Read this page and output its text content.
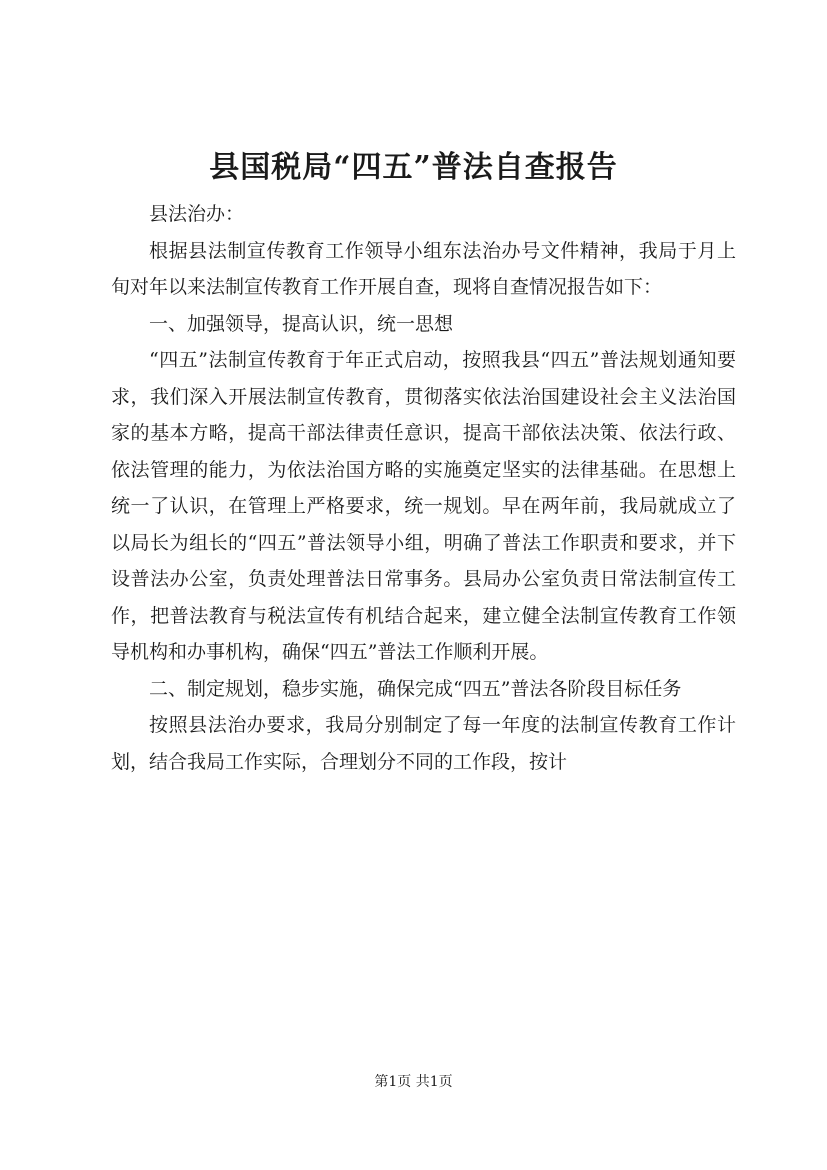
县国税局“四五”普法自查报告

县法治办：

根据县法制宣传教育工作领导小组东法治办号文件精神，我局于月上旬对年以来法制宣传教育工作开展自查，现将自查情况报告如下：

一、加强领导，提高认识，统一思想

“四五”法制宣传教育于年正式启动，按照我县“四五”普法规划通知要求，我们深入开展法制宣传教育，贯彻落实依法治国建设社会主义法治国家的基本方略，提高干部法律责任意识，提高干部依法决策、依法行政、依法管理的能力，为依法治国方略的实施奠定坚实的法律基础。在思想上统一了认识，在管理上严格要求，统一规划。早在两年前，我局就成立了以局长为组长的“四五”普法领导小组，明确了普法工作职责和要求，并下设普法办公室，负责处理普法日常事务。县局办公室负责日常法制宣传工作，把普法教育与税法宣传有机结合起来，建立健全法制宣传教育工作领导机构和办事机构，确保“四五”普法工作顺利开展。

二、制定规划，稳步实施，确保完成“四五”普法各阶段目标任务

按照县法治办要求，我局分别制定了每一年度的法制宣传教育工作计划，结合我局工作实际，合理划分不同的工作段，按计

第1页 共1页
